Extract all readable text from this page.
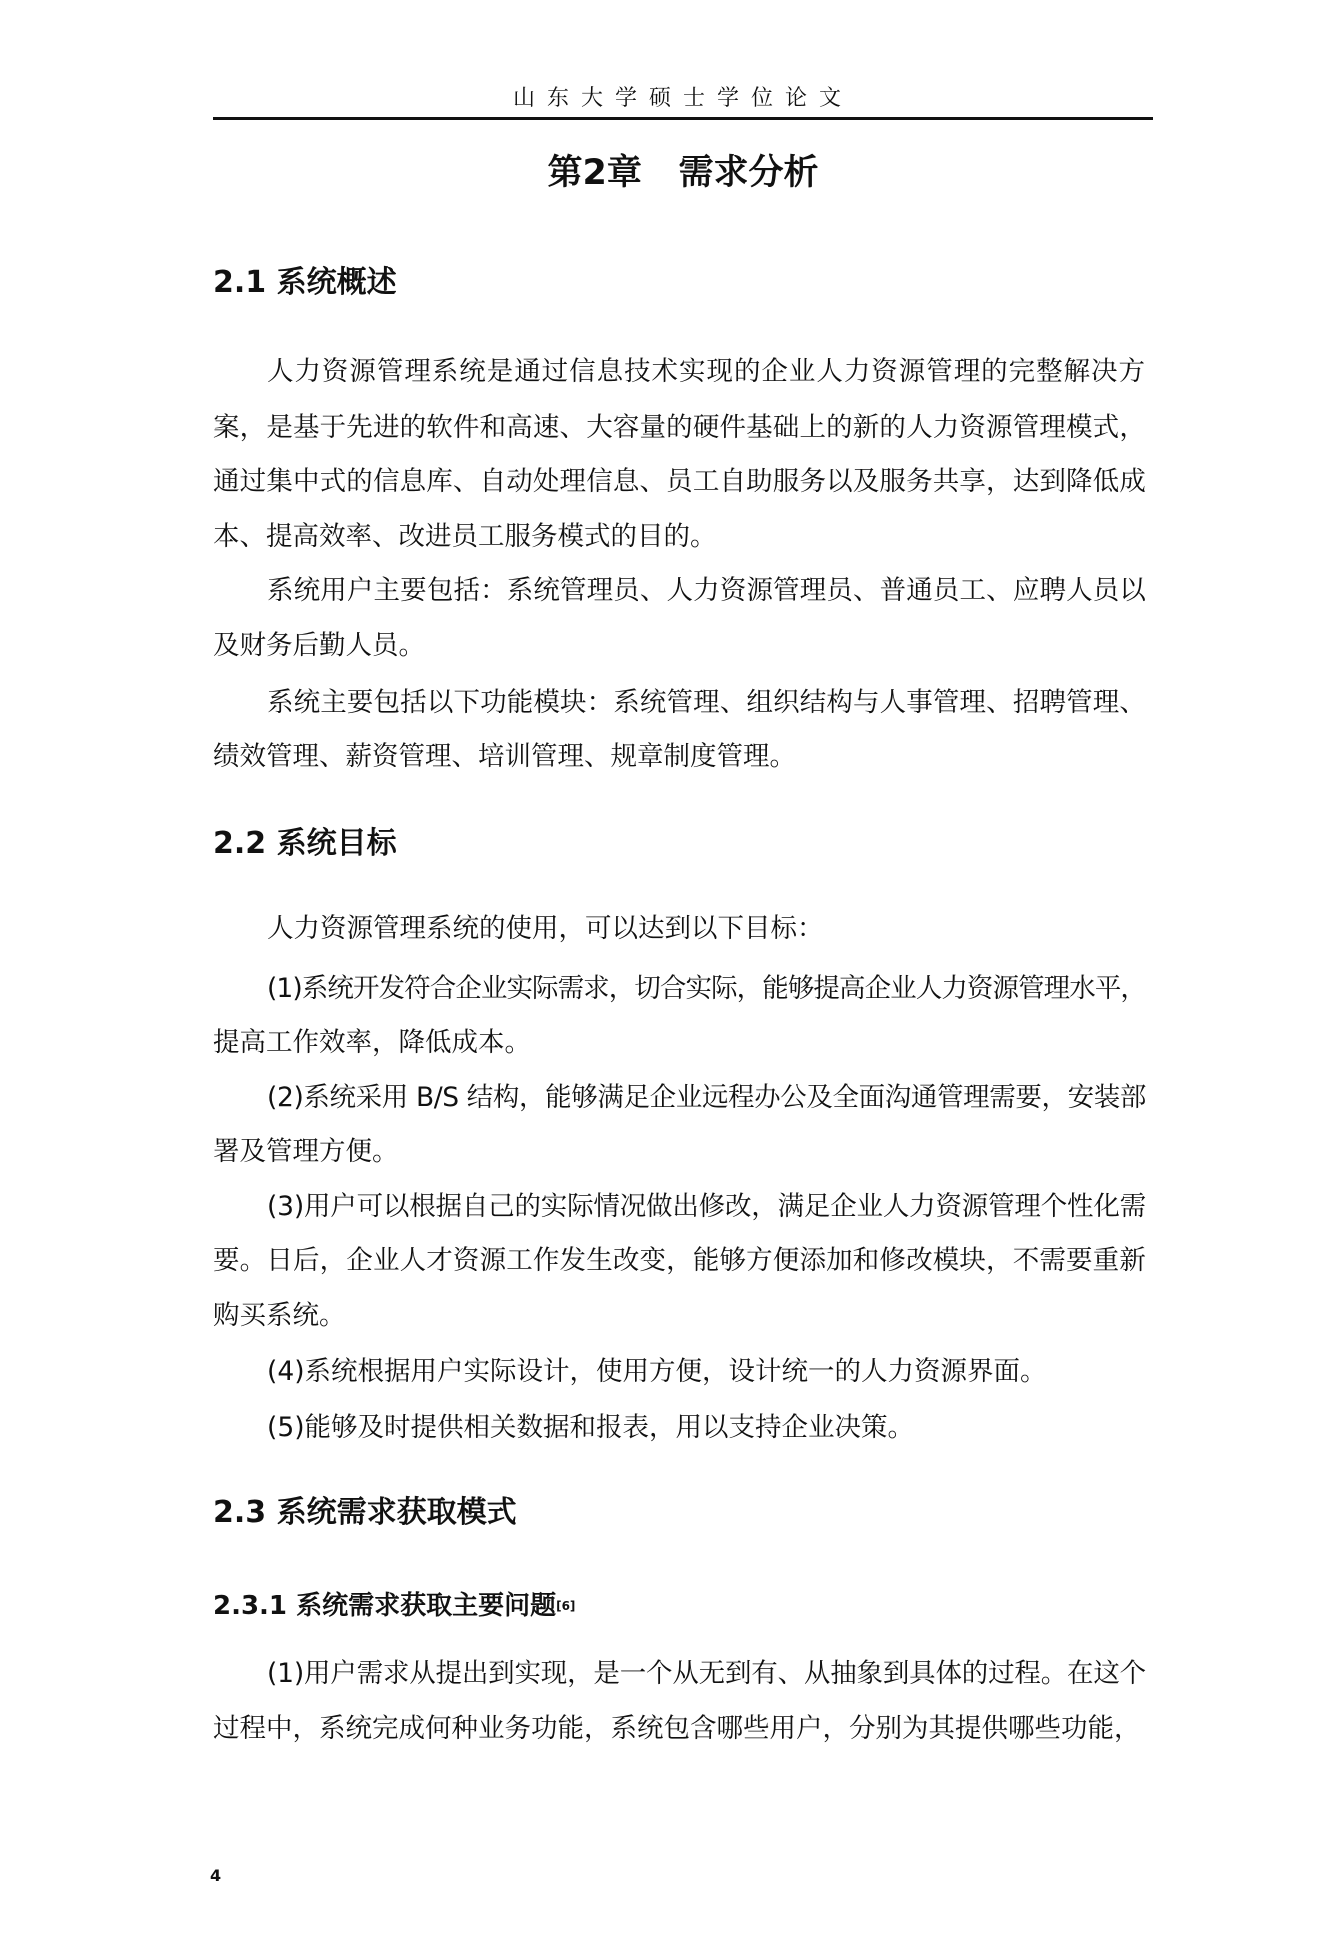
山东大学硕士学位论文
第2章   需求分析
2.1 系统概述
2.2 系统目标
2.3 系统需求获取模式
2.3.1 系统需求获取主要问题[6]
人力资源管理系统是通过信息技术实现的企业人力资源管理的完整解决方
案，是基于先进的软件和高速、大容量的硬件基础上的新的人力资源管理模式，
通过集中式的信息库、自动处理信息、员工自助服务以及服务共享，达到降低成
本、提高效率、改进员工服务模式的目的。
系统用户主要包括：系统管理员、人力资源管理员、普通员工、应聘人员以
及财务后勤人员。
系统主要包括以下功能模块：系统管理、组织结构与人事管理、招聘管理、
绩效管理、薪资管理、培训管理、规章制度管理。
人力资源管理系统的使用，可以达到以下目标：
(1)系统开发符合企业实际需求，切合实际，能够提高企业人力资源管理水平，
提高工作效率，降低成本。
(2)系统采用 B/S 结构，能够满足企业远程办公及全面沟通管理需要，安装部
署及管理方便。
(3)用户可以根据自己的实际情况做出修改，满足企业人力资源管理个性化需
要。日后，企业人才资源工作发生改变，能够方便添加和修改模块，不需要重新
购买系统。
(4)系统根据用户实际设计，使用方便，设计统一的人力资源界面。
(5)能够及时提供相关数据和报表，用以支持企业决策。
(1)用户需求从提出到实现，是一个从无到有、从抽象到具体的过程。在这个
过程中，系统完成何种业务功能，系统包含哪些用户，分别为其提供哪些功能，
4
